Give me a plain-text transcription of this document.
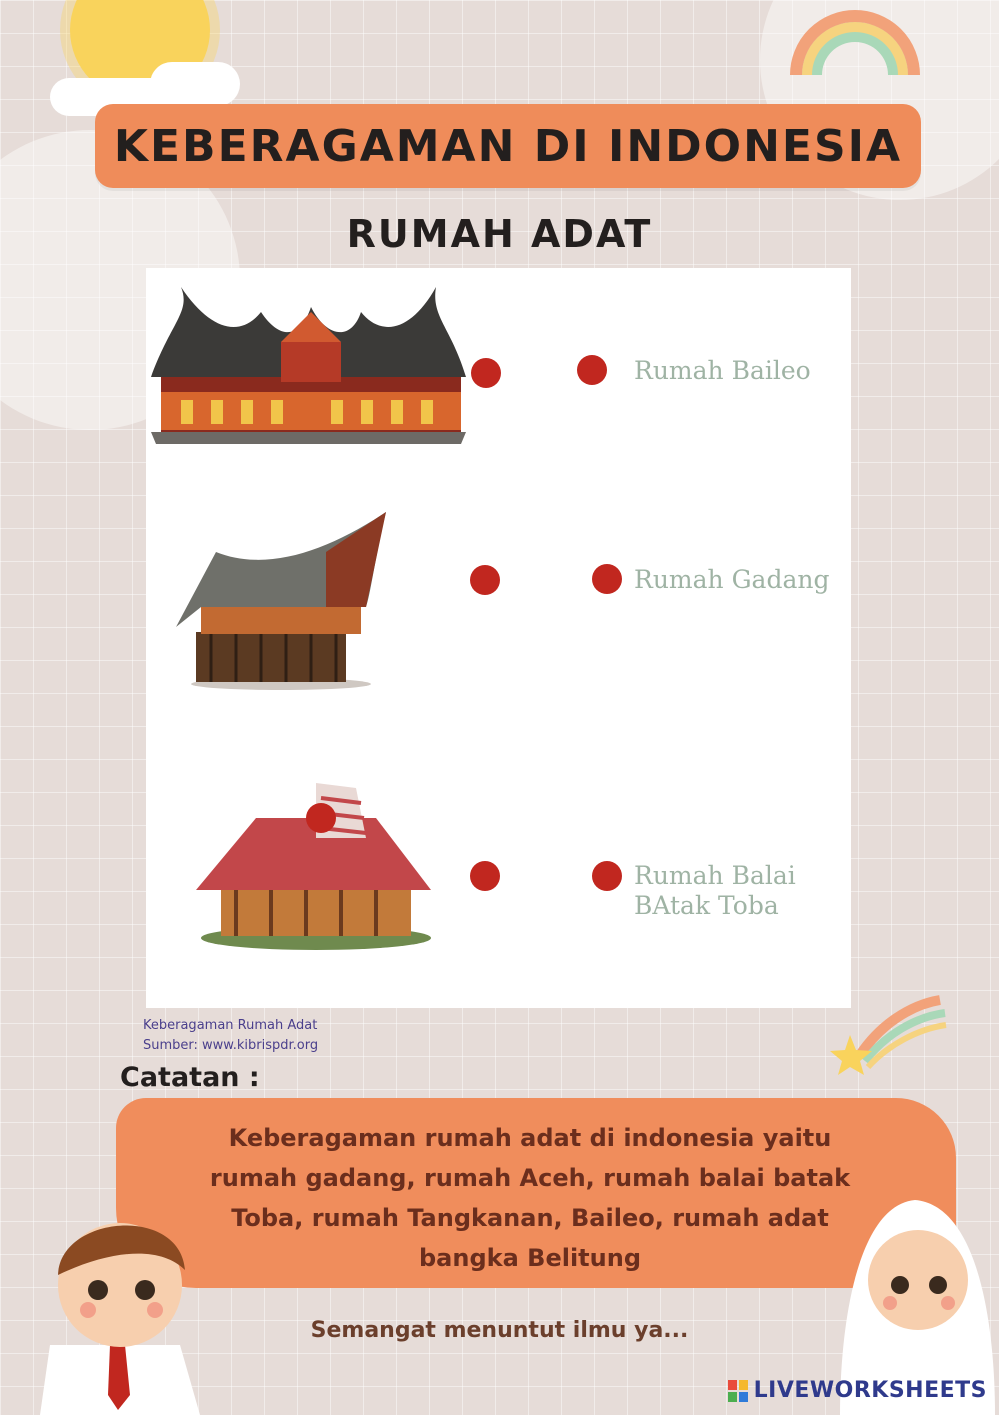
KEBERAGAMAN DI INDONESIA
RUMAH ADAT
Rumah Baileo
Rumah Gadang
Rumah Balai BAtak Toba
Keberagaman Rumah Adat
Sumber: www.kibrispdr.org
Catatan :
Keberagaman rumah adat di indonesia yaitu rumah gadang, rumah Aceh, rumah balai batak Toba, rumah Tangkanan, Baileo, rumah adat bangka Belitung
Semangat menuntut ilmu ya...
LIVEWORKSHEETS
